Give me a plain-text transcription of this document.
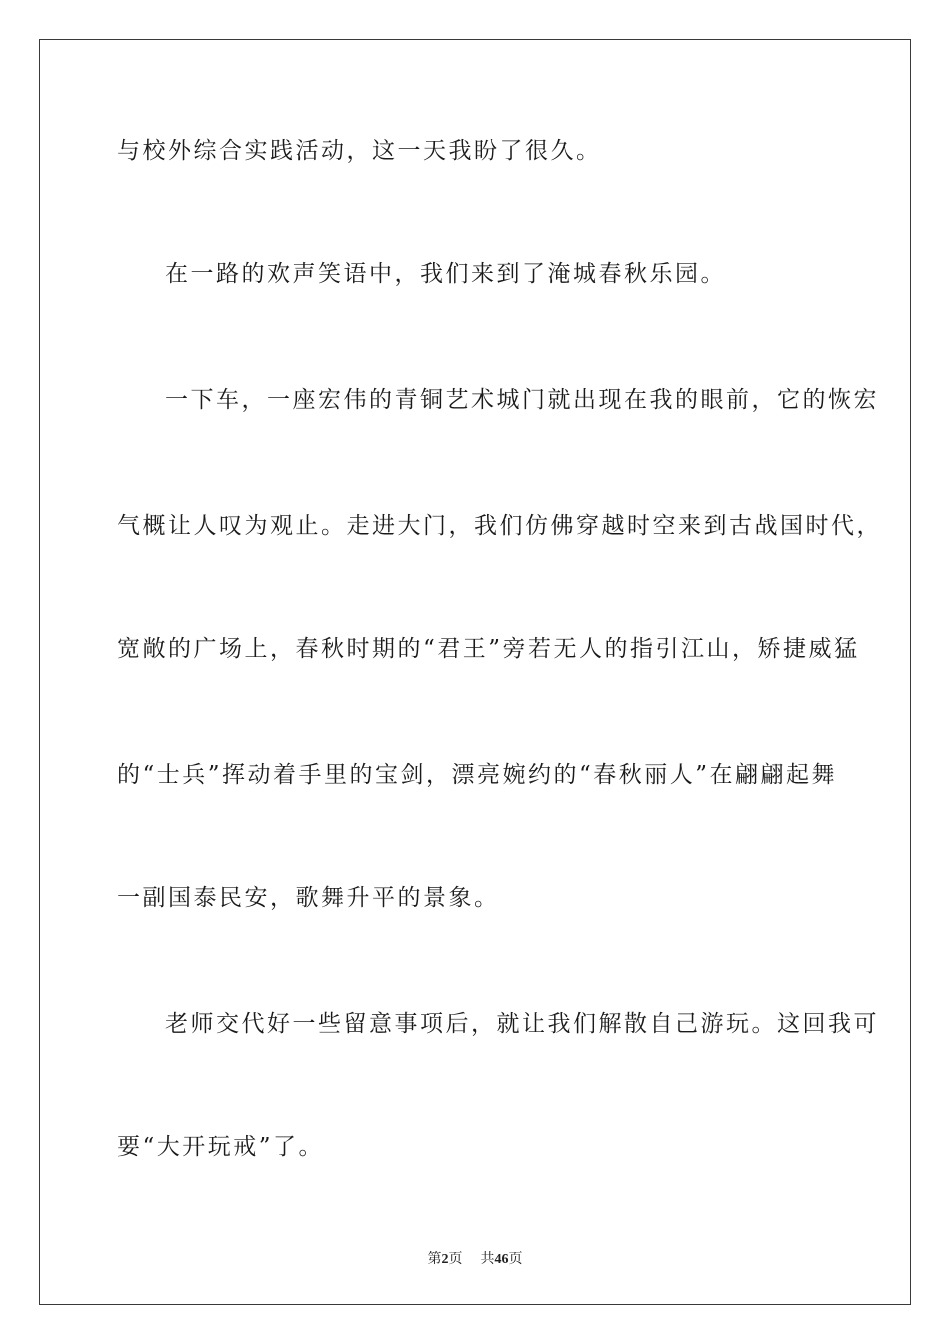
与校外综合实践活动，这一天我盼了很久。

在一路的欢声笑语中，我们来到了淹城春秋乐园。

一下车，一座宏伟的青铜艺术城门就出现在我的眼前，它的恢宏

气概让人叹为观止。走进大门，我们仿佛穿越时空来到古战国时代，

宽敞的广场上，春秋时期的“君王”旁若无人的指引江山，矫捷威猛

的“士兵”挥动着手里的宝剑，漂亮婉约的“春秋丽人”在翩翩起舞

一副国泰民安，歌舞升平的景象。

老师交代好一些留意事项后，就让我们解散自己游玩。这回我可

要“大开玩戒”了。

第2页 共46页
